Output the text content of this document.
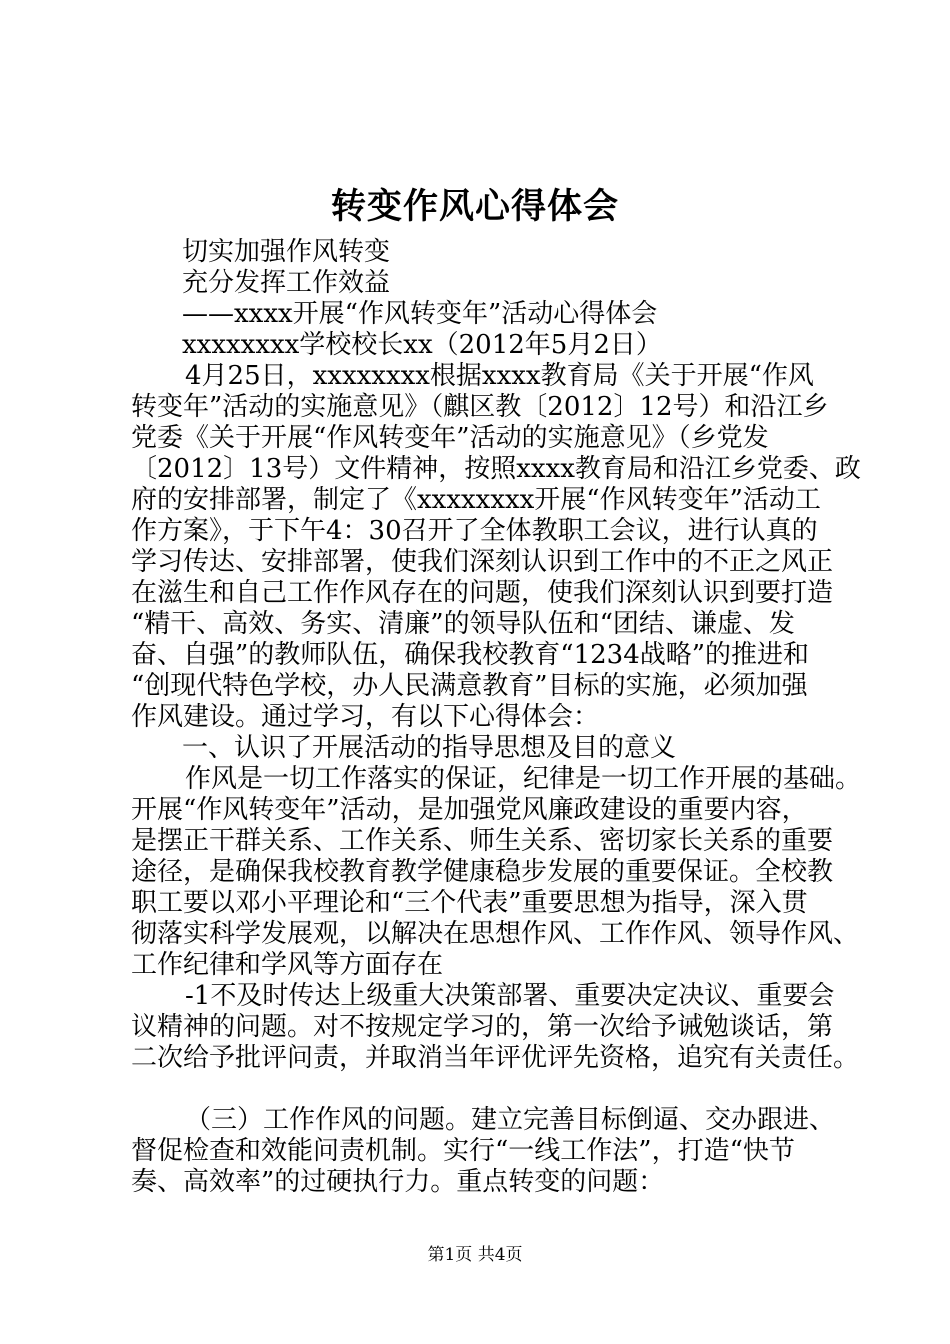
转变作风心得体会
切实加强作风转变
充分发挥工作效益
——xxxx开展“作风转变年”活动心得体会
xxxxxxxx学校校长xx（2012年5月2日）
4月25日，xxxxxxxx根据xxxx教育局《关于开展“作风
转变年”活动的实施意见》（麒区教〔2012〕12号）和沿江乡
党委《关于开展“作风转变年”活动的实施意见》（乡党发
〔2012〕13号）文件精神，按照xxxx教育局和沿江乡党委、政
府的安排部署，制定了《xxxxxxxx开展“作风转变年”活动工
作方案》，于下午4：30召开了全体教职工会议，进行认真的
学习传达、安排部署，使我们深刻认识到工作中的不正之风正
在滋生和自己工作作风存在的问题，使我们深刻认识到要打造
“精干、高效、务实、清廉”的领导队伍和“团结、谦虚、发
奋、自强”的教师队伍，确保我校教育“1234战略”的推进和
“创现代特色学校，办人民满意教育”目标的实施，必须加强
作风建设。通过学习，有以下心得体会：
一、认识了开展活动的指导思想及目的意义
作风是一切工作落实的保证，纪律是一切工作开展的基础。
开展“作风转变年”活动，是加强党风廉政建设的重要内容，
是摆正干群关系、工作关系、师生关系、密切家长关系的重要
途径，是确保我校教育教学健康稳步发展的重要保证。全校教
职工要以邓小平理论和“三个代表”重要思想为指导，深入贯
彻落实科学发展观，以解决在思想作风、工作作风、领导作风、
工作纪律和学风等方面存在
-1不及时传达上级重大决策部署、重要决定决议、重要会
议精神的问题。对不按规定学习的，第一次给予诫勉谈话，第
二次给予批评问责，并取消当年评优评先资格，追究有关责任。
（三）工作作风的问题。建立完善目标倒逼、交办跟进、
督促检查和效能问责机制。实行“一线工作法”，打造“快节
奏、高效率”的过硬执行力。重点转变的问题：
第1页 共4页
